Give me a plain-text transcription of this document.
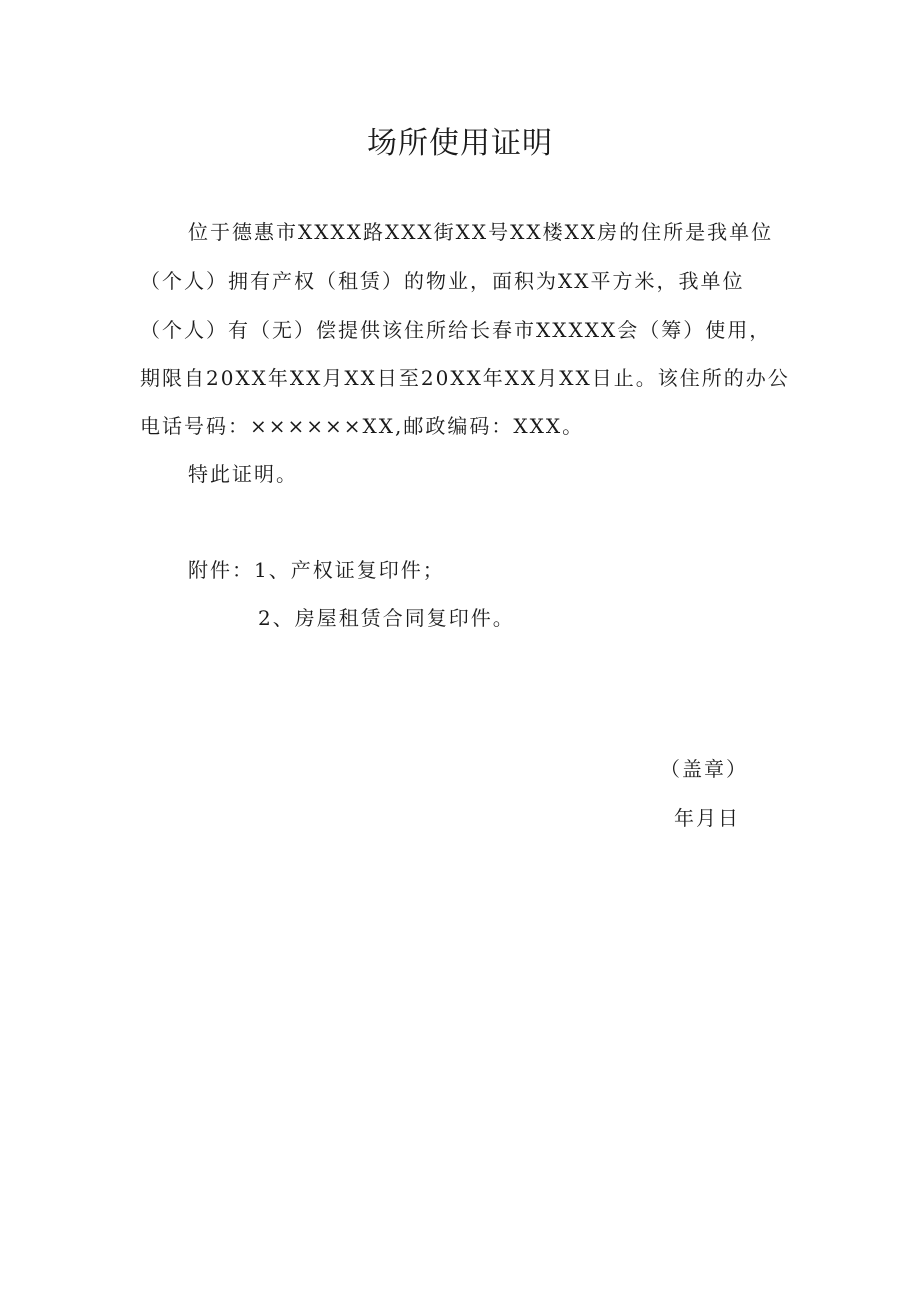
场所使用证明
位于德惠市XXXX路XXX街XX号XX楼XX房的住所是我单位
（个人）拥有产权（租赁）的物业，面积为XX平方米，我单位
（个人）有（无）偿提供该住所给长春市XXXXX会（筹）使用，
期限自20XX年XX月XX日至20XX年XX月XX日止。该住所的办公
电话号码：××××××XX,邮政编码：XXX。
特此证明。
附件：1、产权证复印件；
2、房屋租赁合同复印件。
（盖章）
年月日
